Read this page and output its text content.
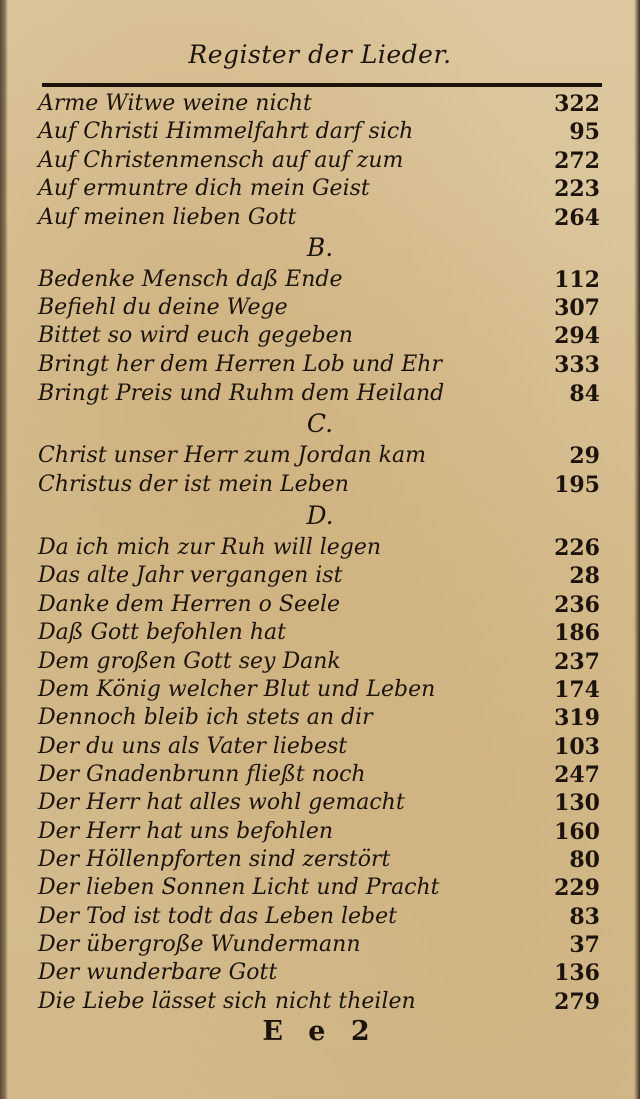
Register der Lieder.
Arme Witwe weine nicht	322
Auf Christi Himmelfahrt darf sich	95
Auf Christenmensch auf auf zum	272
Auf ermuntre dich mein Geist	223
Auf meinen lieben Gott	264
B.
Bedenke Mensch daß Ende	112
Befiehl du deine Wege	307
Bittet so wird euch gegeben	294
Bringt her dem Herren Lob und Ehr	333
Bringt Preis und Ruhm dem Heiland	84
C.
Christ unser Herr zum Jordan kam	29
Christus der ist mein Leben	195
D.
Da ich mich zur Ruh will legen	226
Das alte Jahr vergangen ist	28
Danke dem Herren o Seele	236
Daß Gott befohlen hat	186
Dem großen Gott sey Dank	237
Dem König welcher Blut und Leben	174
Dennoch bleib ich stets an dir	319
Der du uns als Vater liebest	103
Der Gnadenbrunn fließt noch	247
Der Herr hat alles wohl gemacht	130
Der Herr hat uns befohlen	160
Der Höllenpforten sind zerstört	80
Der lieben Sonnen Licht und Pracht	229
Der Tod ist todt das Leben lebet	83
Der übergroße Wundermann	37
Der wunderbare Gott	136
Die Liebe lässet sich nicht theilen	279
E e 2
